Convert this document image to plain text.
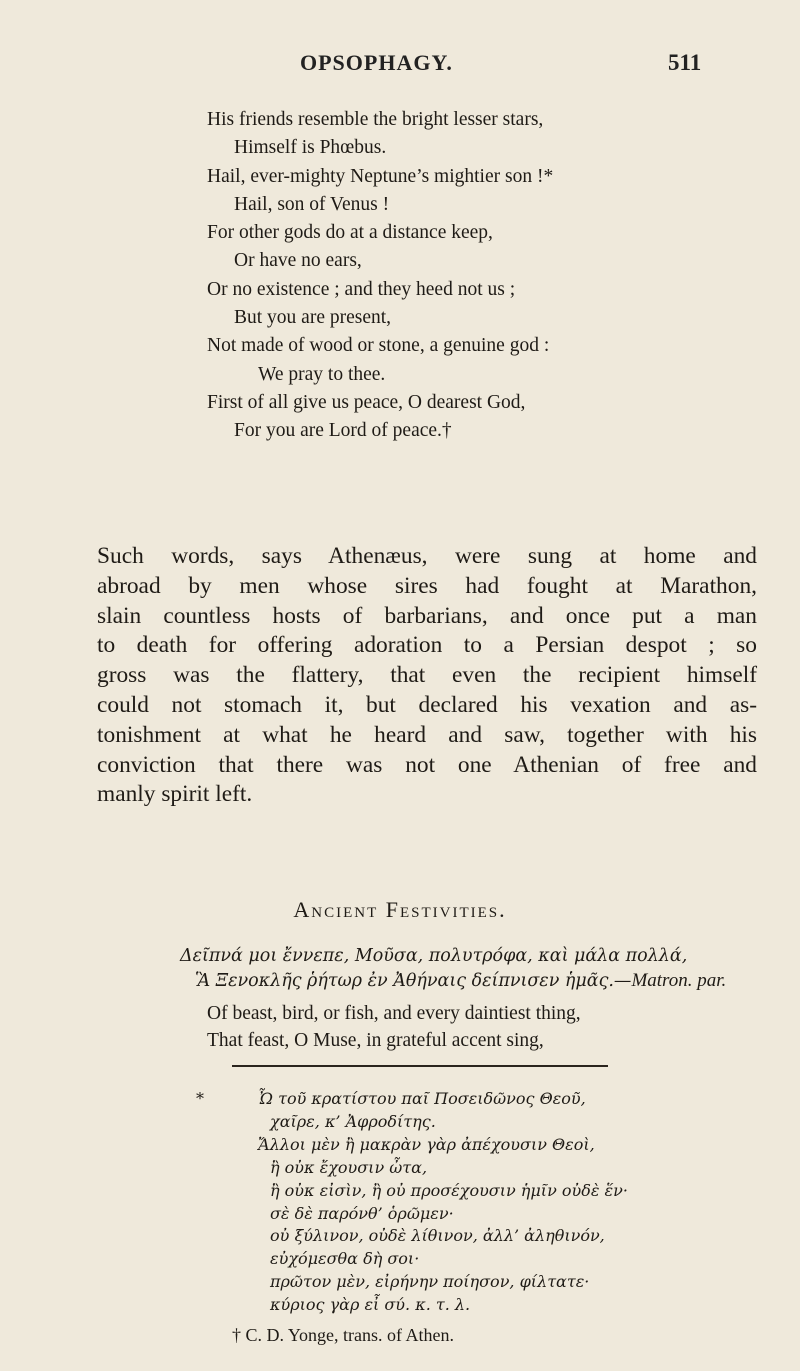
OPSOPHAGY.	511
His friends resemble the bright lesser stars,
Himself is Phœbus.
Hail, ever-mighty Neptune’s mightier son !*
Hail, son of Venus !
For other gods do at a distance keep,
Or have no ears,
Or no existence ; and they heed not us ;
But you are present,
Not made of wood or stone, a genuine god :
We pray to thee.
First of all give us peace, O dearest God,
For you are Lord of peace.†

Such words, says Athenæus, were sung at home and
abroad by men whose sires had fought at Marathon,
slain countless hosts of barbarians, and once put a man
to death for offering adoration to a Persian despot ; so
gross was the flattery, that even the recipient himself
could not stomach it, but declared his vexation and as-
tonishment at what he heard and saw, together with his
conviction that there was not one Athenian of free and
manly spirit left.

Ancient Festivities.
Δεῖπνά μοι ἔννεπε, Μοῦσα, πολυτρόφα, καὶ μάλα πολλά,
Ἃ Ξενοκλῆς ῥήτωρ ἐν Ἀθήναις δείπνισεν ἡμᾶς.—Matron. par.
Of beast, bird, or fish, and every daintiest thing,
That feast, O Muse, in grateful accent sing,
*	Ὦ τοῦ κρατίστου παῖ Ποσειδῶνος Θεοῦ,
χαῖρε, κ’ Ἀφροδίτης.
Ἄλλοι μὲν ἢ μακρὰν γὰρ ἀπέχουσιν Θεοὶ,
ἢ οὐκ ἔχουσιν ὦτα,
ἢ οὐκ εἰσὶν, ἢ οὐ προσέχουσιν ἡμῖν οὐδὲ ἕν·
σὲ δὲ παρόνθ’ ὁρῶμεν·
οὐ ξύλινον, οὐδὲ λίθινον, ἀλλ’ ἀληθινόν,
εὐχόμεσθα δὴ σοι·
πρῶτον μὲν, εἰρήνην ποίησον, φίλτατε·
κύριος γὰρ εἶ σύ. κ. τ. λ.
† C. D. Yonge, trans. of Athen.
